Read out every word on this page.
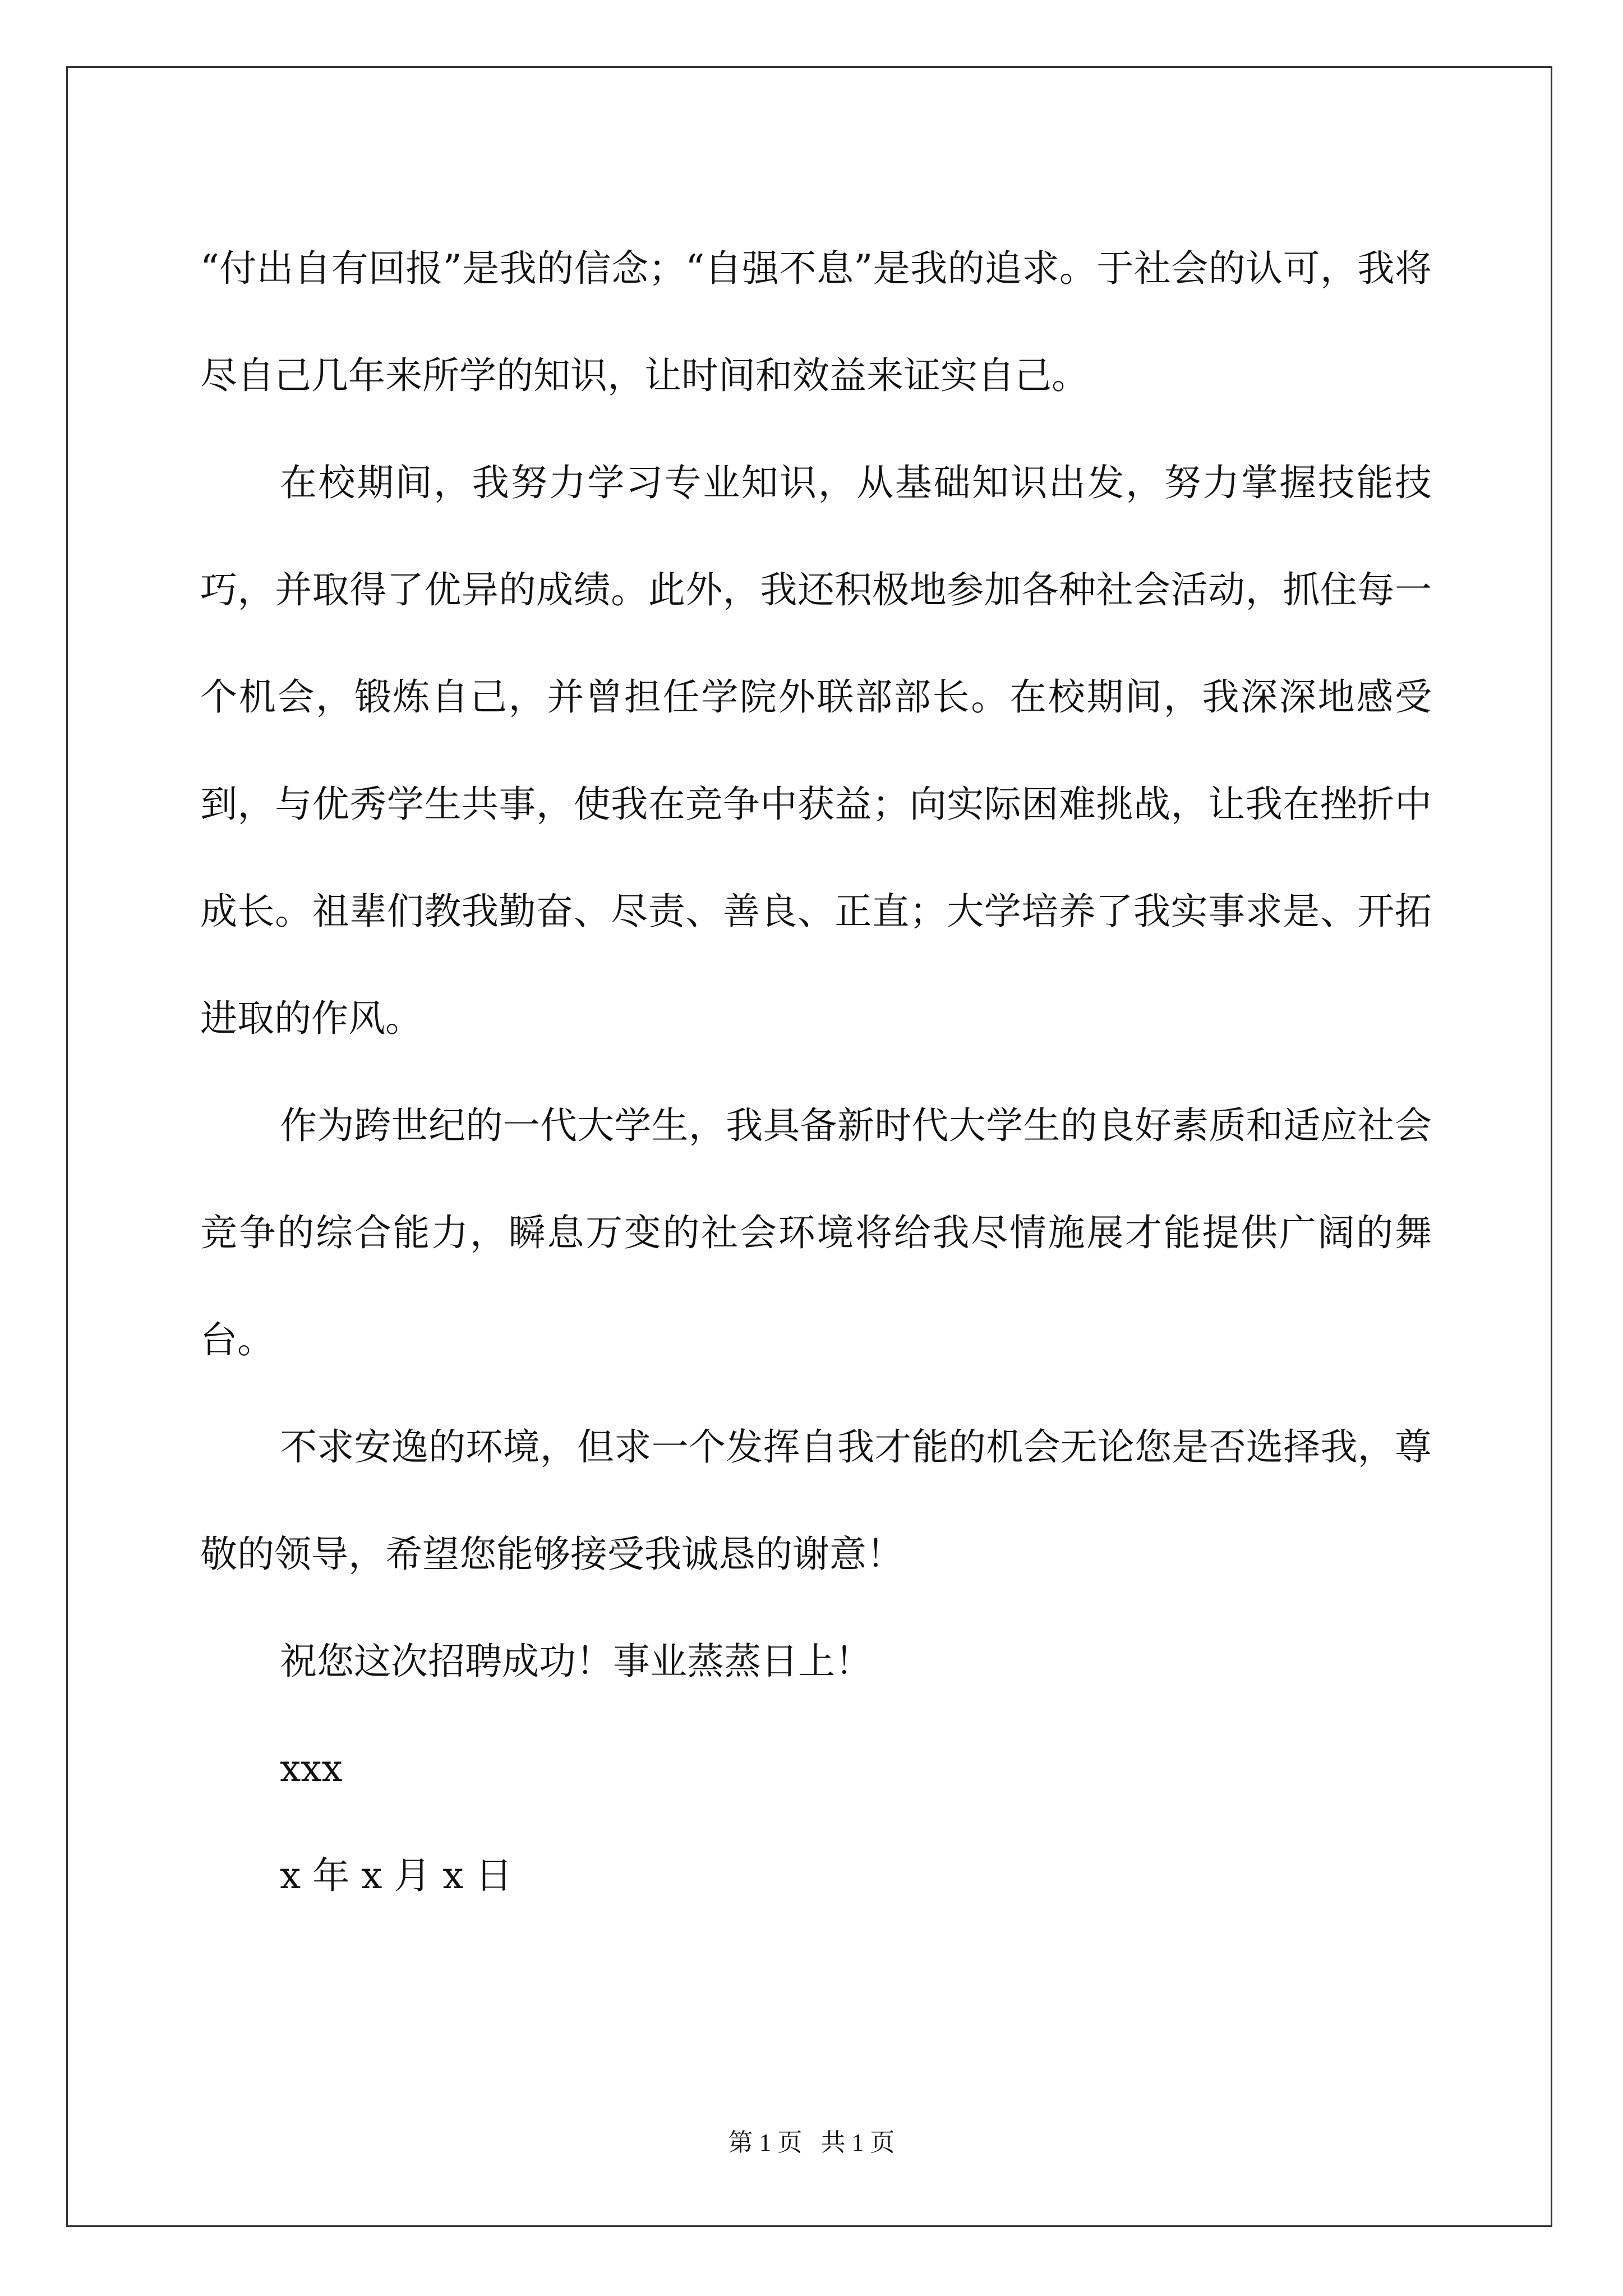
“付出自有回报”是我的信念；“自强不息”是我的追求。于社会的认可，我将尽自己几年来所学的知识，让时间和效益来证实自己。

在校期间，我努力学习专业知识，从基础知识出发，努力掌握技能技巧，并取得了优异的成绩。此外，我还积极地参加各种社会活动，抓住每一个机会，锻炼自己，并曾担任学院外联部部长。在校期间，我深深地感受到，与优秀学生共事，使我在竞争中获益；向实际困难挑战，让我在挫折中成长。祖辈们教我勤奋、尽责、善良、正直；大学培养了我实事求是、开拓进取的作风。

作为跨世纪的一代大学生，我具备新时代大学生的良好素质和适应社会竞争的综合能力，瞬息万变的社会环境将给我尽情施展才能提供广阔的舞台。

不求安逸的环境，但求一个发挥自我才能的机会无论您是否选择我，尊敬的领导，希望您能够接受我诚恳的谢意！

祝您这次招聘成功！事业蒸蒸日上！

xxx

x 年 x 月 x 日

第 1 页 共 1 页
